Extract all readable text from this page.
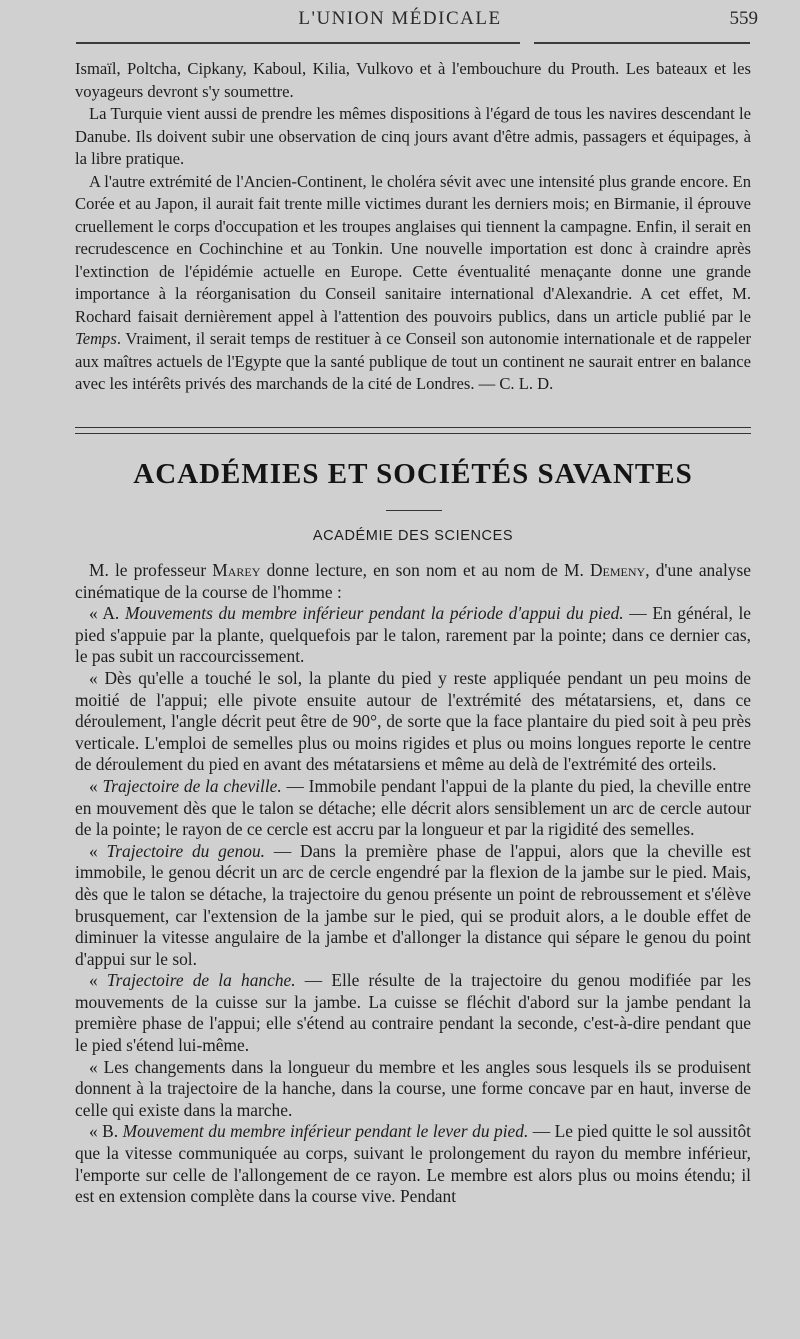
L'UNION MÉDICALE	559

Ismaïl, Poltcha, Cipkany, Kaboul, Kilia, Vulkovo et à l'embouchure du Prouth. Les bateaux et les voyageurs devront s'y soumettre.

La Turquie vient aussi de prendre les mêmes dispositions à l'égard de tous les navires descendant le Danube. Ils doivent subir une observation de cinq jours avant d'être admis, passagers et équipages, à la libre pratique.

A l'autre extrémité de l'Ancien-Continent, le choléra sévit avec une intensité plus grande encore. En Corée et au Japon, il aurait fait trente mille victimes durant les derniers mois; en Birmanie, il éprouve cruellement le corps d'occupation et les troupes anglaises qui tiennent la campagne. Enfin, il serait en recrudescence en Cochinchine et au Tonkin. Une nouvelle importation est donc à craindre après l'extinction de l'épidémie actuelle en Europe. Cette éventualité menaçante donne une grande importance à la réorganisation du Conseil sanitaire international d'Alexandrie. A cet effet, M. Rochard faisait dernièrement appel à l'attention des pouvoirs publics, dans un article publié par le Temps. Vraiment, il serait temps de restituer à ce Conseil son autonomie internationale et de rappeler aux maîtres actuels de l'Egypte que la santé publique de tout un continent ne saurait entrer en balance avec les intérêts privés des marchands de la cité de Londres. — C. L. D.

ACADÉMIES ET SOCIÉTÉS SAVANTES
ACADÉMIE DES SCIENCES

M. le professeur Marey donne lecture, en son nom et au nom de M. Demeny, d'une analyse cinématique de la course de l'homme :

« A. Mouvements du membre inférieur pendant la période d'appui du pied. — En général, le pied s'appuie par la plante, quelquefois par le talon, rarement par la pointe; dans ce dernier cas, le pas subit un raccourcissement.

« Dès qu'elle a touché le sol, la plante du pied y reste appliquée pendant un peu moins de moitié de l'appui; elle pivote ensuite autour de l'extrémité des métatarsiens, et, dans ce déroulement, l'angle décrit peut être de 90°, de sorte que la face plantaire du pied soit à peu près verticale. L'emploi de semelles plus ou moins rigides et plus ou moins longues reporte le centre de déroulement du pied en avant des métatarsiens et même au delà de l'extrémité des orteils.

« Trajectoire de la cheville. — Immobile pendant l'appui de la plante du pied, la cheville entre en mouvement dès que le talon se détache; elle décrit alors sensiblement un arc de cercle autour de la pointe; le rayon de ce cercle est accru par la longueur et par la rigidité des semelles.

« Trajectoire du genou. — Dans la première phase de l'appui, alors que la cheville est immobile, le genou décrit un arc de cercle engendré par la flexion de la jambe sur le pied. Mais, dès que le talon se détache, la trajectoire du genou présente un point de rebroussement et s'élève brusquement, car l'extension de la jambe sur le pied, qui se produit alors, a le double effet de diminuer la vitesse angulaire de la jambe et d'allonger la distance qui sépare le genou du point d'appui sur le sol.

« Trajectoire de la hanche. — Elle résulte de la trajectoire du genou modifiée par les mouvements de la cuisse sur la jambe. La cuisse se fléchit d'abord sur la jambe pendant la première phase de l'appui; elle s'étend au contraire pendant la seconde, c'est-à-dire pendant que le pied s'étend lui-même.

« Les changements dans la longueur du membre et les angles sous lesquels ils se produisent donnent à la trajectoire de la hanche, dans la course, une forme concave par en haut, inverse de celle qui existe dans la marche.

« B. Mouvement du membre inférieur pendant le lever du pied. — Le pied quitte le sol aussitôt que la vitesse communiquée au corps, suivant le prolongement du rayon du membre inférieur, l'emporte sur celle de l'allongement de ce rayon. Le membre est alors plus ou moins étendu; il est en extension complète dans la course vive. Pendant
